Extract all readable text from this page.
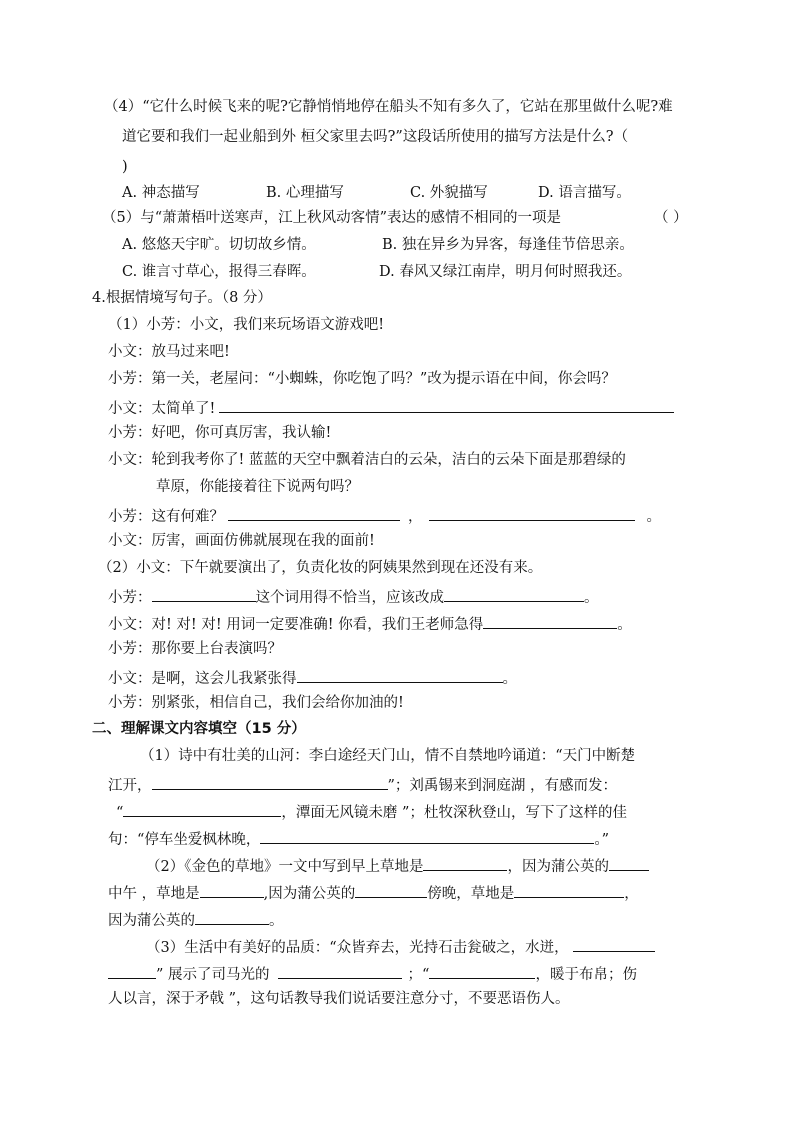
（4）“它什么时候飞来的呢?它静悄悄地停在船头不知有多久了，它站在那里做什么呢?难
道它要和我们一起业船到外 桓父家里去吗?”这段话所使用的描写方法是什么?（
)
A. 神态描写	B. 心理描写	C. 外貌描写	D. 语言描写。
（5）与“萧萧梧叶送寒声，江上秋风动客情”表达的感情不相同的一项是	（ ）
A. 悠悠天宇旷。切切故乡情。	B. 独在异乡为异客，每逢佳节倍思亲。
C. 谁言寸草心，报得三春晖。	D. 春风又绿江南岸，明月何时照我还。
4.根据情境写句子。（8 分）
（1）小芳：小文，我们来玩场语文游戏吧!
小文：放马过来吧!
小芳：第一关，老屋问：“小蜘蛛，你吃饱了吗？”改为提示语在中间，你会吗？
小文：太简单了!
小芳：好吧，你可真厉害，我认输!
小文：轮到我考你了! 蓝蓝的天空中飘着洁白的云朵，洁白的云朵下面是那碧绿的
草原，你能接着往下说两句吗？
小芳：这有何难？	，	。
小文：厉害，画面仿佛就展现在我的面前!
（2）小文：下午就要演出了，负责化妆的阿姨果然到现在还没有来。
小芳：	这个词用得不恰当，应该改成	。
小文：对! 对! 对! 用词一定要准确! 你看，我们王老师急得	。
小芳：那你要上台表演吗？
小文：是啊，这会儿我紧张得	。
小芳：别紧张，相信自己，我们会给你加油的!
二、理解课文内容填空（15 分）
（1）诗中有壮美的山河：李白途经天门山，情不自禁地吟诵道：“天门中断楚
江开，	”；刘禹锡来到洞庭湖 ，有感而发：
“	，潭面无风镜未磨 ”；杜牧深秋登山，写下了这样的佳
句：“停车坐爱枫林晚，	。”
（2）《金色的草地》一文中写到早上草地是	，因为蒲公英的
中午 ，草地是	,因为蒲公英的	傍晚，草地是	，
因为蒲公英的	。
（3）生活中有美好的品质：“众皆弃去，光持石击瓮破之，水迸，
” 展示了司马光的	；“	，暖于布帛；伤
人以言，深于矛戟 ”，这句话教导我们说话要注意分寸，不要恶语伤人。
